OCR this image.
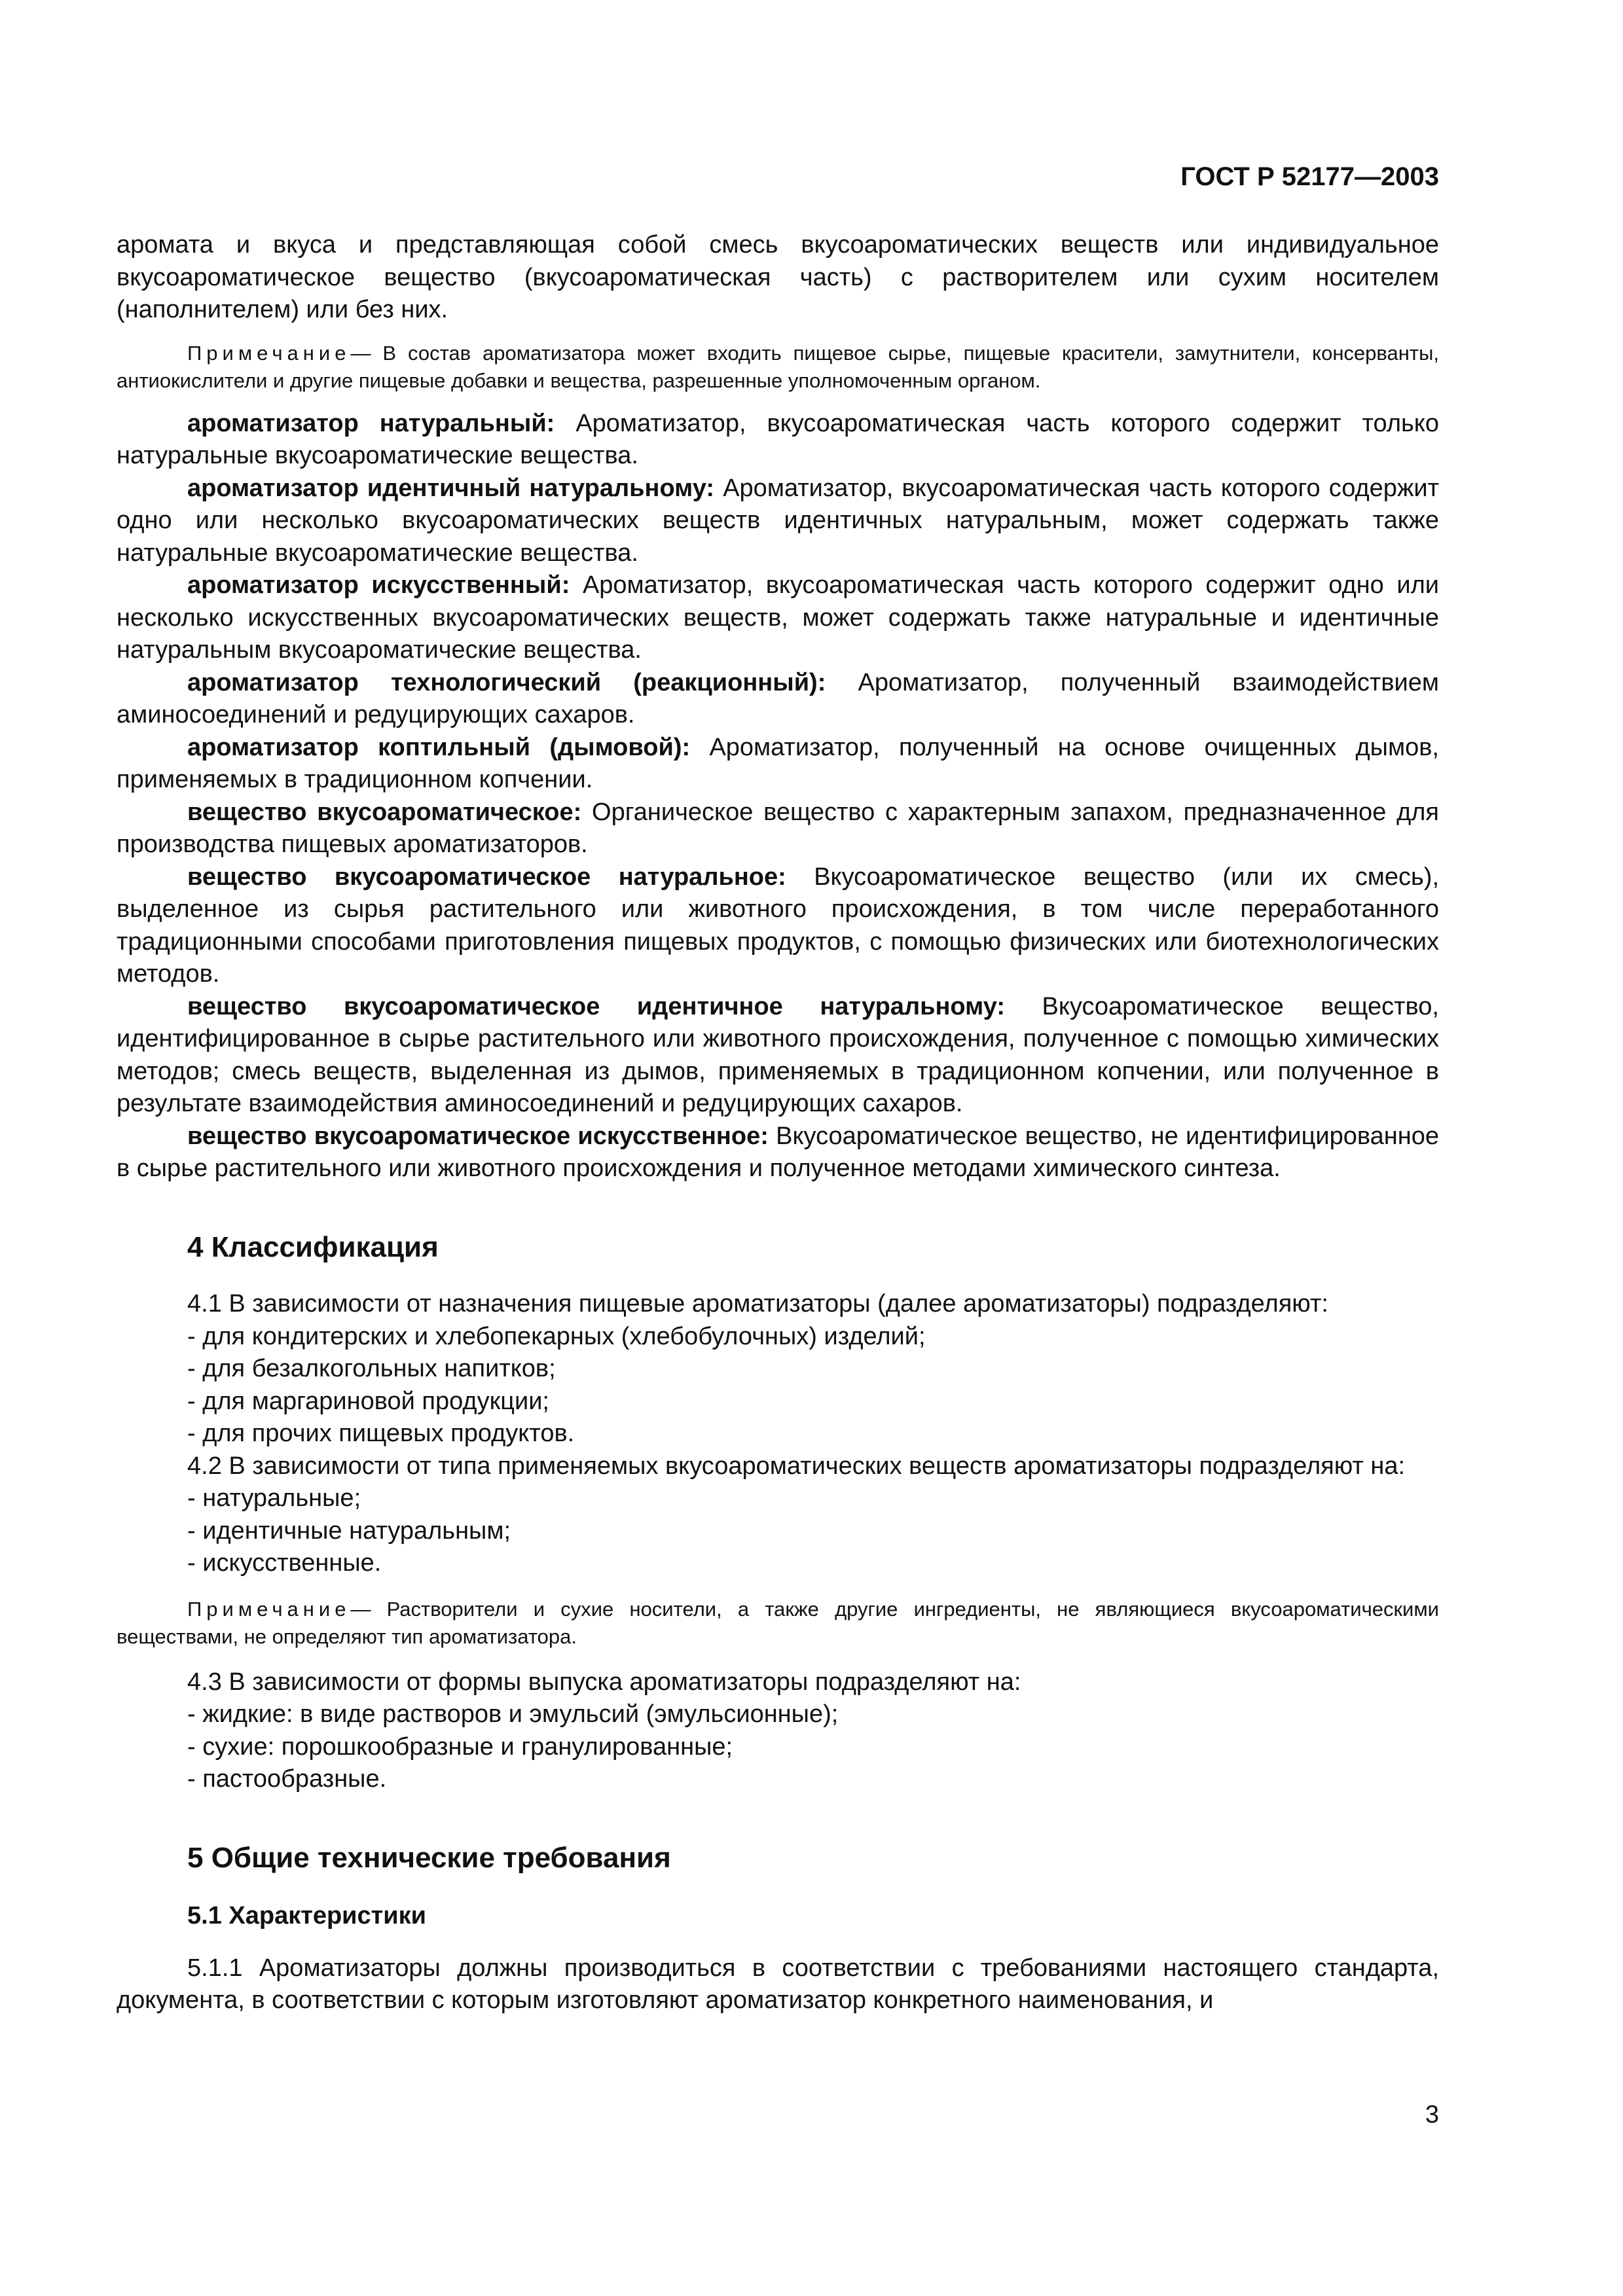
ГОСТ Р 52177—2003

аромата и вкуса и представляющая собой смесь вкусоароматических веществ или индивидуальное вкусоароматическое вещество (вкусоароматическая часть) с растворителем или сухим носителем (наполнителем) или без них.

Примечание— В состав ароматизатора может входить пищевое сырье, пищевые красители, замутнители, консерванты, антиокислители и другие пищевые добавки и вещества, разрешенные уполномоченным органом.

ароматизатор натуральный: Ароматизатор, вкусоароматическая часть которого содержит только натуральные вкусоароматические вещества.

ароматизатор идентичный натуральному: Ароматизатор, вкусоароматическая часть которого содержит одно или несколько вкусоароматических веществ идентичных натуральным, может содержать также натуральные вкусоароматические вещества.

ароматизатор искусственный: Ароматизатор, вкусоароматическая часть которого содержит одно или несколько искусственных вкусоароматических веществ, может содержать также натуральные и идентичные натуральным вкусоароматические вещества.

ароматизатор технологический (реакционный): Ароматизатор, полученный взаимодействием аминосоединений и редуцирующих сахаров.

ароматизатор коптильный (дымовой): Ароматизатор, полученный на основе очищенных дымов, применяемых в традиционном копчении.

вещество вкусоароматическое: Органическое вещество с характерным запахом, предназначенное для производства пищевых ароматизаторов.

вещество вкусоароматическое натуральное: Вкусоароматическое вещество (или их смесь), выделенное из сырья растительного или животного происхождения, в том числе переработанного традиционными способами приготовления пищевых продуктов, с помощью физических или биотехнологических методов.

вещество вкусоароматическое идентичное натуральному: Вкусоароматическое вещество, идентифицированное в сырье растительного или животного происхождения, полученное с помощью химических методов; смесь веществ, выделенная из дымов, применяемых в традиционном копчении, или полученное в результате взаимодействия аминосоединений и редуцирующих сахаров.

вещество вкусоароматическое искусственное: Вкусоароматическое вещество, не идентифицированное в сырье растительного или животного происхождения и полученное методами химического синтеза.

4 Классификация

4.1 В зависимости от назначения пищевые ароматизаторы (далее ароматизаторы) подразделяют:

- для кондитерских и хлебопекарных (хлебобулочных) изделий;
- для безалкогольных напитков;
- для маргариновой продукции;
- для прочих пищевых продуктов.

4.2 В зависимости от типа применяемых вкусоароматических веществ ароматизаторы подразделяют на:

- натуральные;
- идентичные натуральным;
- искусственные.

Примечание— Растворители и сухие носители, а также другие ингредиенты, не являющиеся вкусоароматическими веществами, не определяют тип ароматизатора.

4.3 В зависимости от формы выпуска ароматизаторы подразделяют на:

- жидкие: в виде растворов и эмульсий (эмульсионные);
- сухие: порошкообразные и гранулированные;
- пастообразные.
5 Общие технические требования
5.1 Характеристики

5.1.1 Ароматизаторы должны производиться в соответствии с требованиями настоящего стандарта, документа, в соответствии с которым изготовляют ароматизатор конкретного наименования, и

3
